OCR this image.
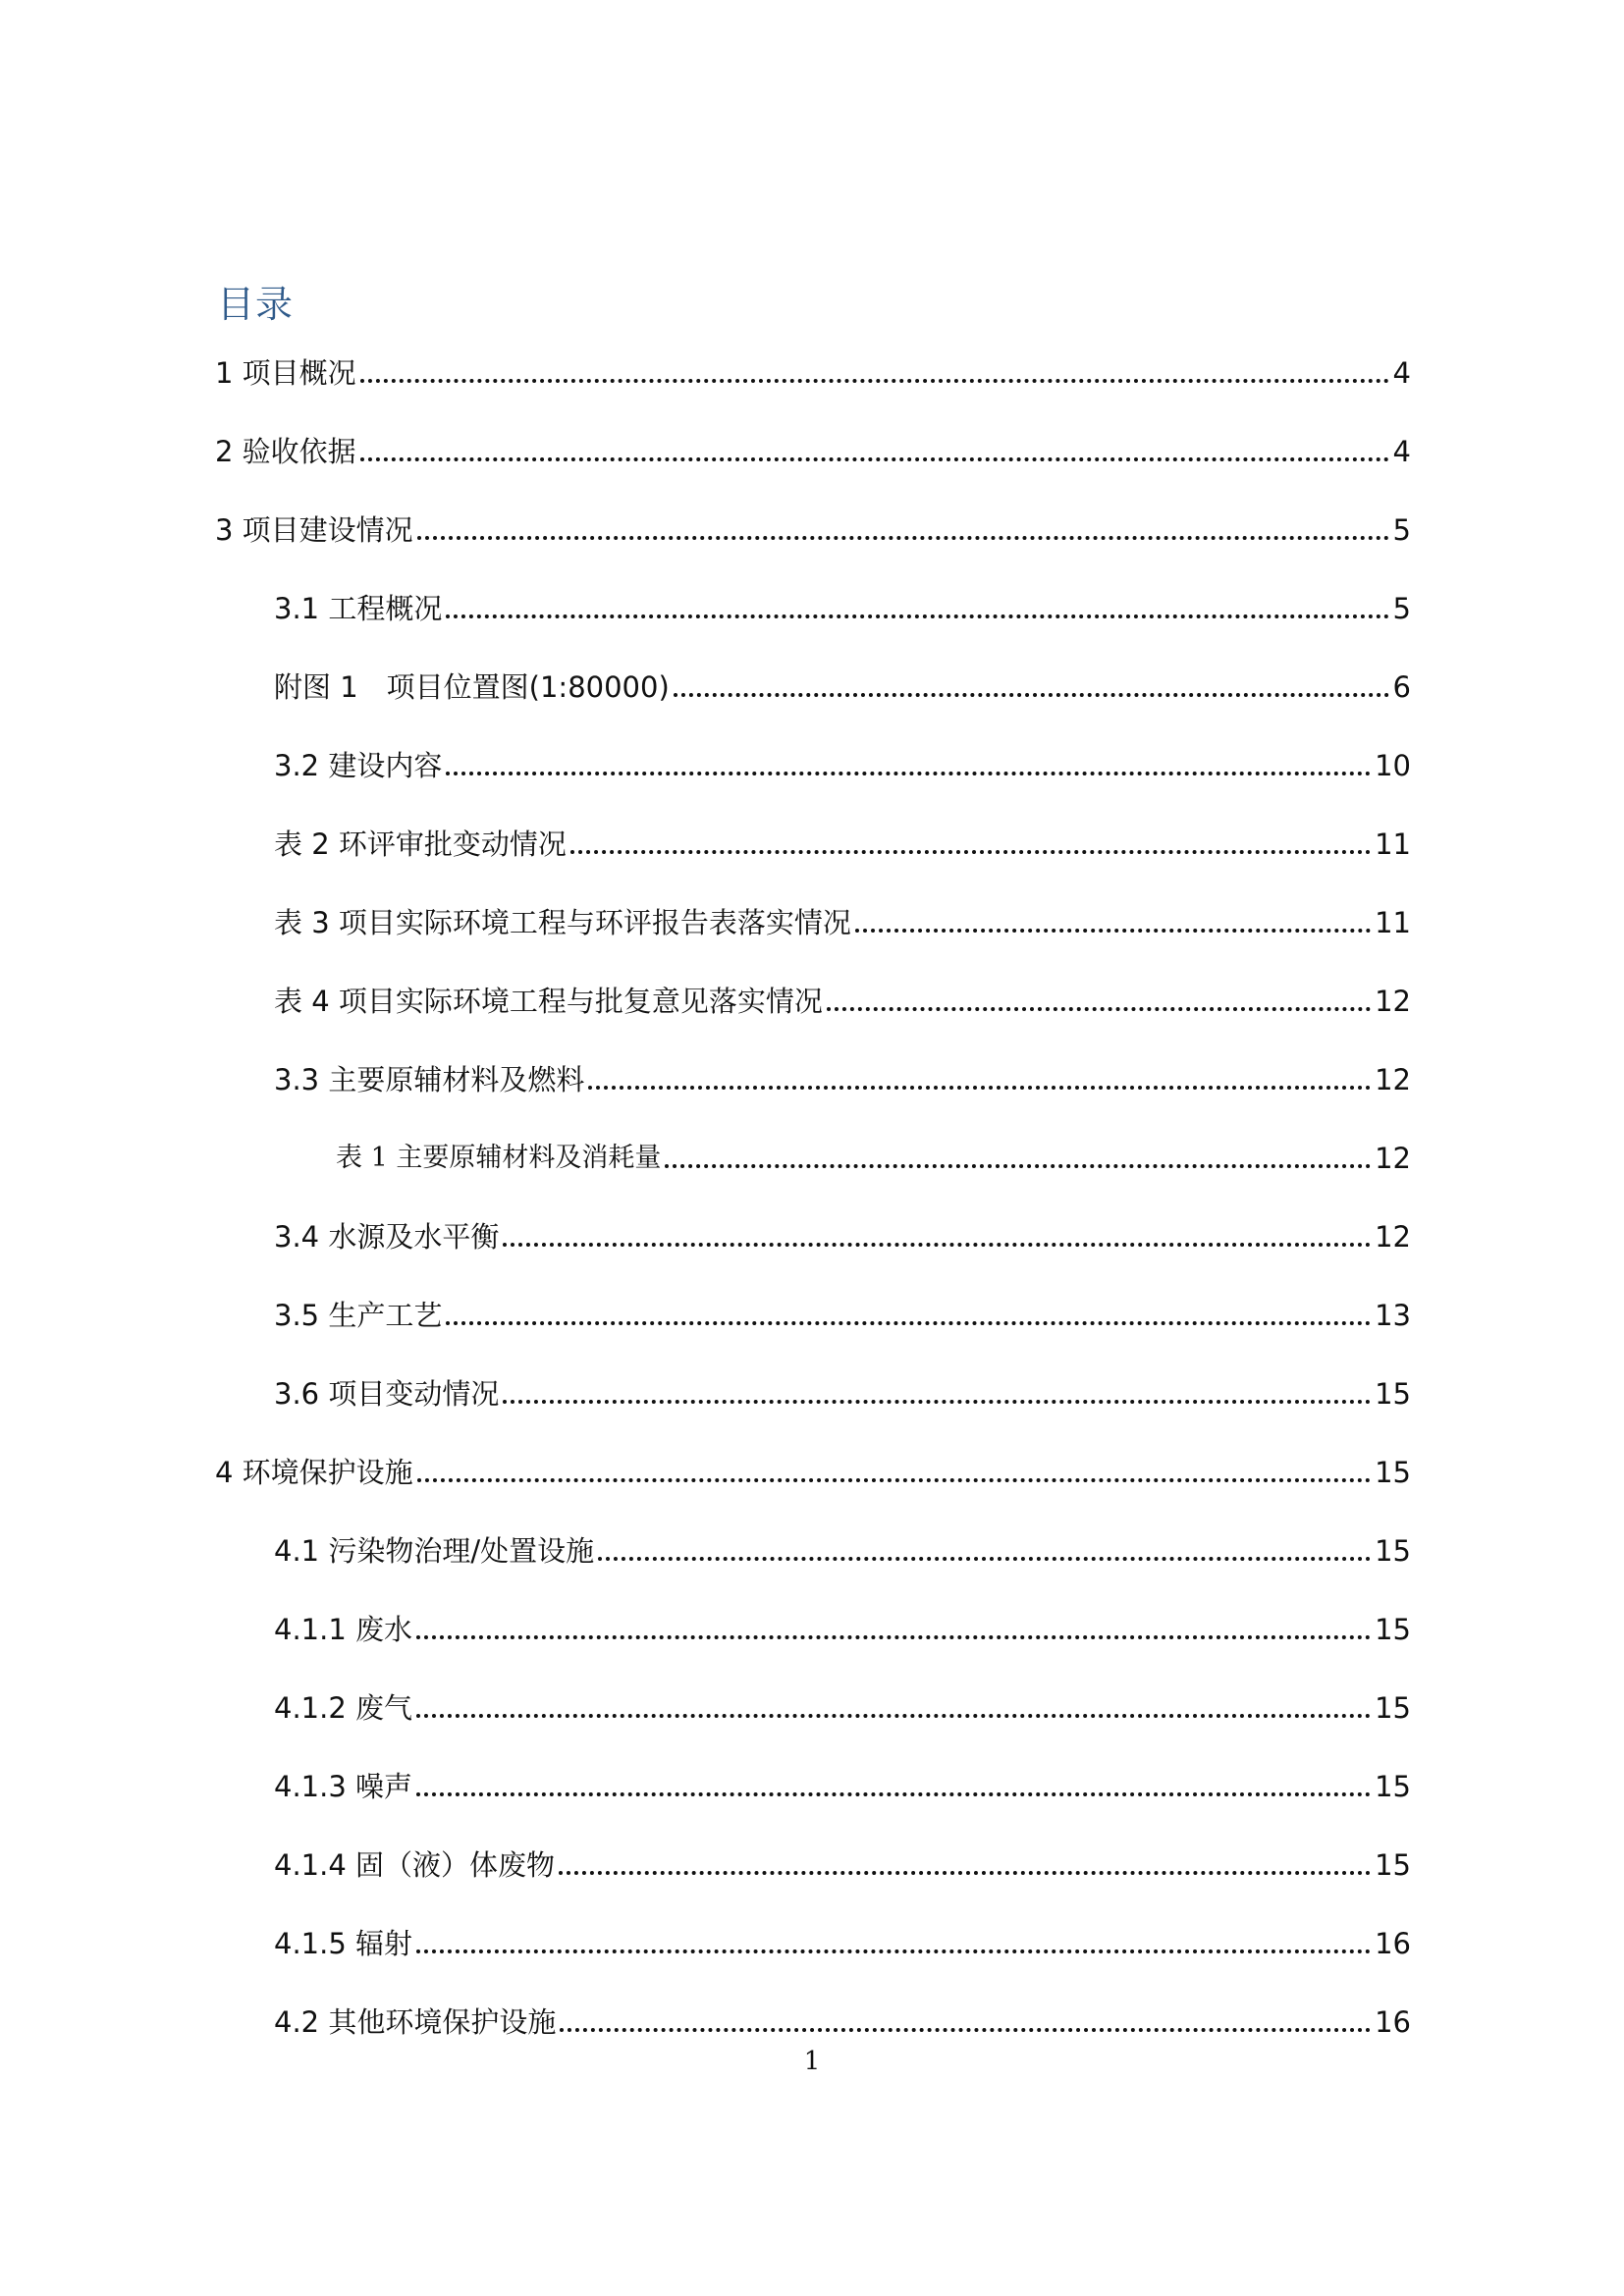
目录
1 项目概况	4
2 验收依据	4
3 项目建设情况	5
3.1 工程概况	5
附图 1　项目位置图(1:80000)	6
3.2 建设内容	10
表 2 环评审批变动情况	11
表 3 项目实际环境工程与环评报告表落实情况	11
表 4 项目实际环境工程与批复意见落实情况	12
3.3 主要原辅材料及燃料	12
表 1 主要原辅材料及消耗量	12
3.4 水源及水平衡	12
3.5 生产工艺	13
3.6 项目变动情况	15
4 环境保护设施	15
4.1 污染物治理/处置设施	15
4.1.1 废水	15
4.1.2 废气	15
4.1.3 噪声	15
4.1.4 固（液）体废物	15
4.1.5 辐射	16
4.2 其他环境保护设施	16
1
